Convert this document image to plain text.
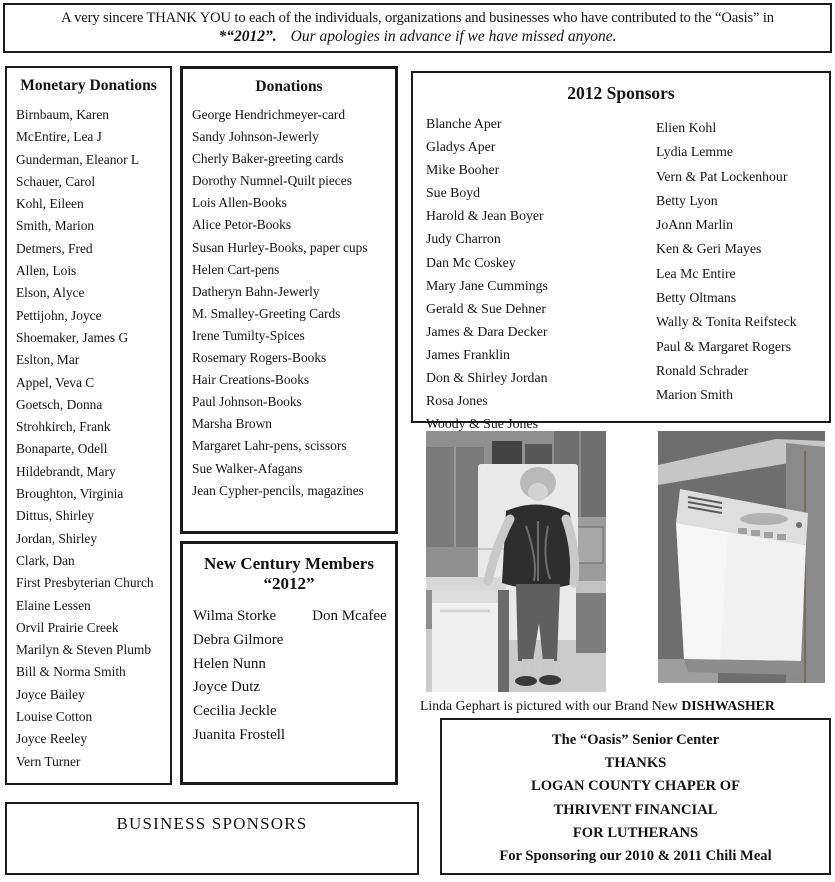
A very sincere THANK YOU to each of the individuals, organizations and businesses who have contributed to the “Oasis” in
*“2012”. Our apologies in advance if we have missed anyone.
Monetary Donations
Birnbaum, Karen
McEntire, Lea J
Gunderman, Eleanor L
Schauer, Carol
Kohl, Eileen
Smith, Marion
Detmers, Fred
Allen, Lois
Elson, Alyce
Pettijohn, Joyce
Shoemaker, James G
Eslton, Mar
Appel, Veva C
Goetsch, Donna
Strohkirch, Frank
Bonaparte, Odell
Hildebrandt, Mary
Broughton, Virginia
Dittus, Shirley
Jordan, Shirley
Clark, Dan
First Presbyterian Church
Elaine Lessen
Orvil Prairie Creek
Marilyn & Steven Plumb
Bill & Norma Smith
Joyce Bailey
Louise Cotton
Joyce Reeley
Vern Turner
Donations
George Hendrichmeyer-card
Sandy Johnson-Jewerly
Cherly Baker-greeting cards
Dorothy Numnel-Quilt pieces
Lois Allen-Books
Alice Petor-Books
Susan Hurley-Books, paper cups
Helen Cart-pens
Datheryn Bahn-Jewerly
M. Smalley-Greeting Cards
Irene Tumilty-Spices
Rosemary Rogers-Books
Hair Creations-Books
Paul Johnson-Books
Marsha Brown
Margaret Lahr-pens, scissors
Sue Walker-Afagans
Jean Cypher-pencils, magazines
New Century Members
“2012”
Wilma Storke Don Mcafee
Debra Gilmore
Helen Nunn
Joyce Dutz
Cecilia Jeckle
Juanita Frostell
2012 Sponsors
Blanche Aper
Gladys Aper
Mike Booher
Sue Boyd
Harold & Jean Boyer
Judy Charron
Dan Mc Coskey
Mary Jane Cummings
Gerald & Sue Dehner
James & Dara Decker
James Franklin
Don & Shirley Jordan
Rosa Jones
Woody & Sue Jones
Elien Kohl
Lydia Lemme
Vern & Pat Lockenhour
Betty Lyon
JoAnn Marlin
Ken & Geri Mayes
Lea Mc Entire
Betty Oltmans
Wally & Tonita Reifsteck
Paul & Margaret Rogers
Ronald Schrader
Marion Smith
Linda Gephart is pictured with our Brand New DISHWASHER
The “Oasis” Senior Center
THANKS
LOGAN COUNTY CHAPER OF
THRIVENT FINANCIAL
FOR LUTHERANS
For Sponsoring our 2010 & 2011 Chili Meal
BUSINESS SPONSORS
